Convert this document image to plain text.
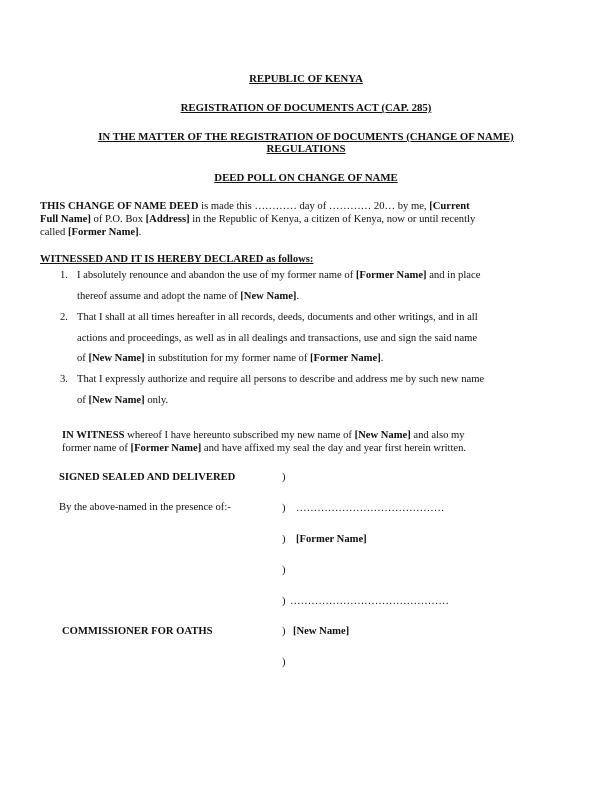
REPUBLIC OF KENYA
REGISTRATION OF DOCUMENTS ACT (CAP. 285)
IN THE MATTER OF THE REGISTRATION OF DOCUMENTS (CHANGE OF NAME)
REGULATIONS
DEED POLL ON CHANGE OF NAME
THIS CHANGE OF NAME DEED is made this ………… day of ………… 20… by me, [Current
Full Name] of P.O. Box [Address] in the Republic of Kenya, a citizen of Kenya, now or until recently
called [Former Name].
WITNESSED AND IT IS HEREBY DECLARED as follows:
1. I absolutely renounce and abandon the use of my former name of [Former Name] and in place
thereof assume and adopt the name of [New Name].
2. That I shall at all times hereafter in all records, deeds, documents and other writings, and in all
actions and proceedings, as well as in all dealings and transactions, use and sign the said name
of [New Name] in substitution for my former name of [Former Name].
3. That I expressly authorize and require all persons to describe and address me by such new name
of [New Name] only.
IN WITNESS whereof I have hereunto subscribed my new name of [New Name] and also my
former name of [Former Name] and have affixed my seal the day and year first herein written.
SIGNED SEALED AND DELIVERED	)
By the above-named in the presence of:-	) ……………………………………
) [Former Name]
)
) ………………………………………
COMMISSIONER FOR OATHS	) [New Name]
)
